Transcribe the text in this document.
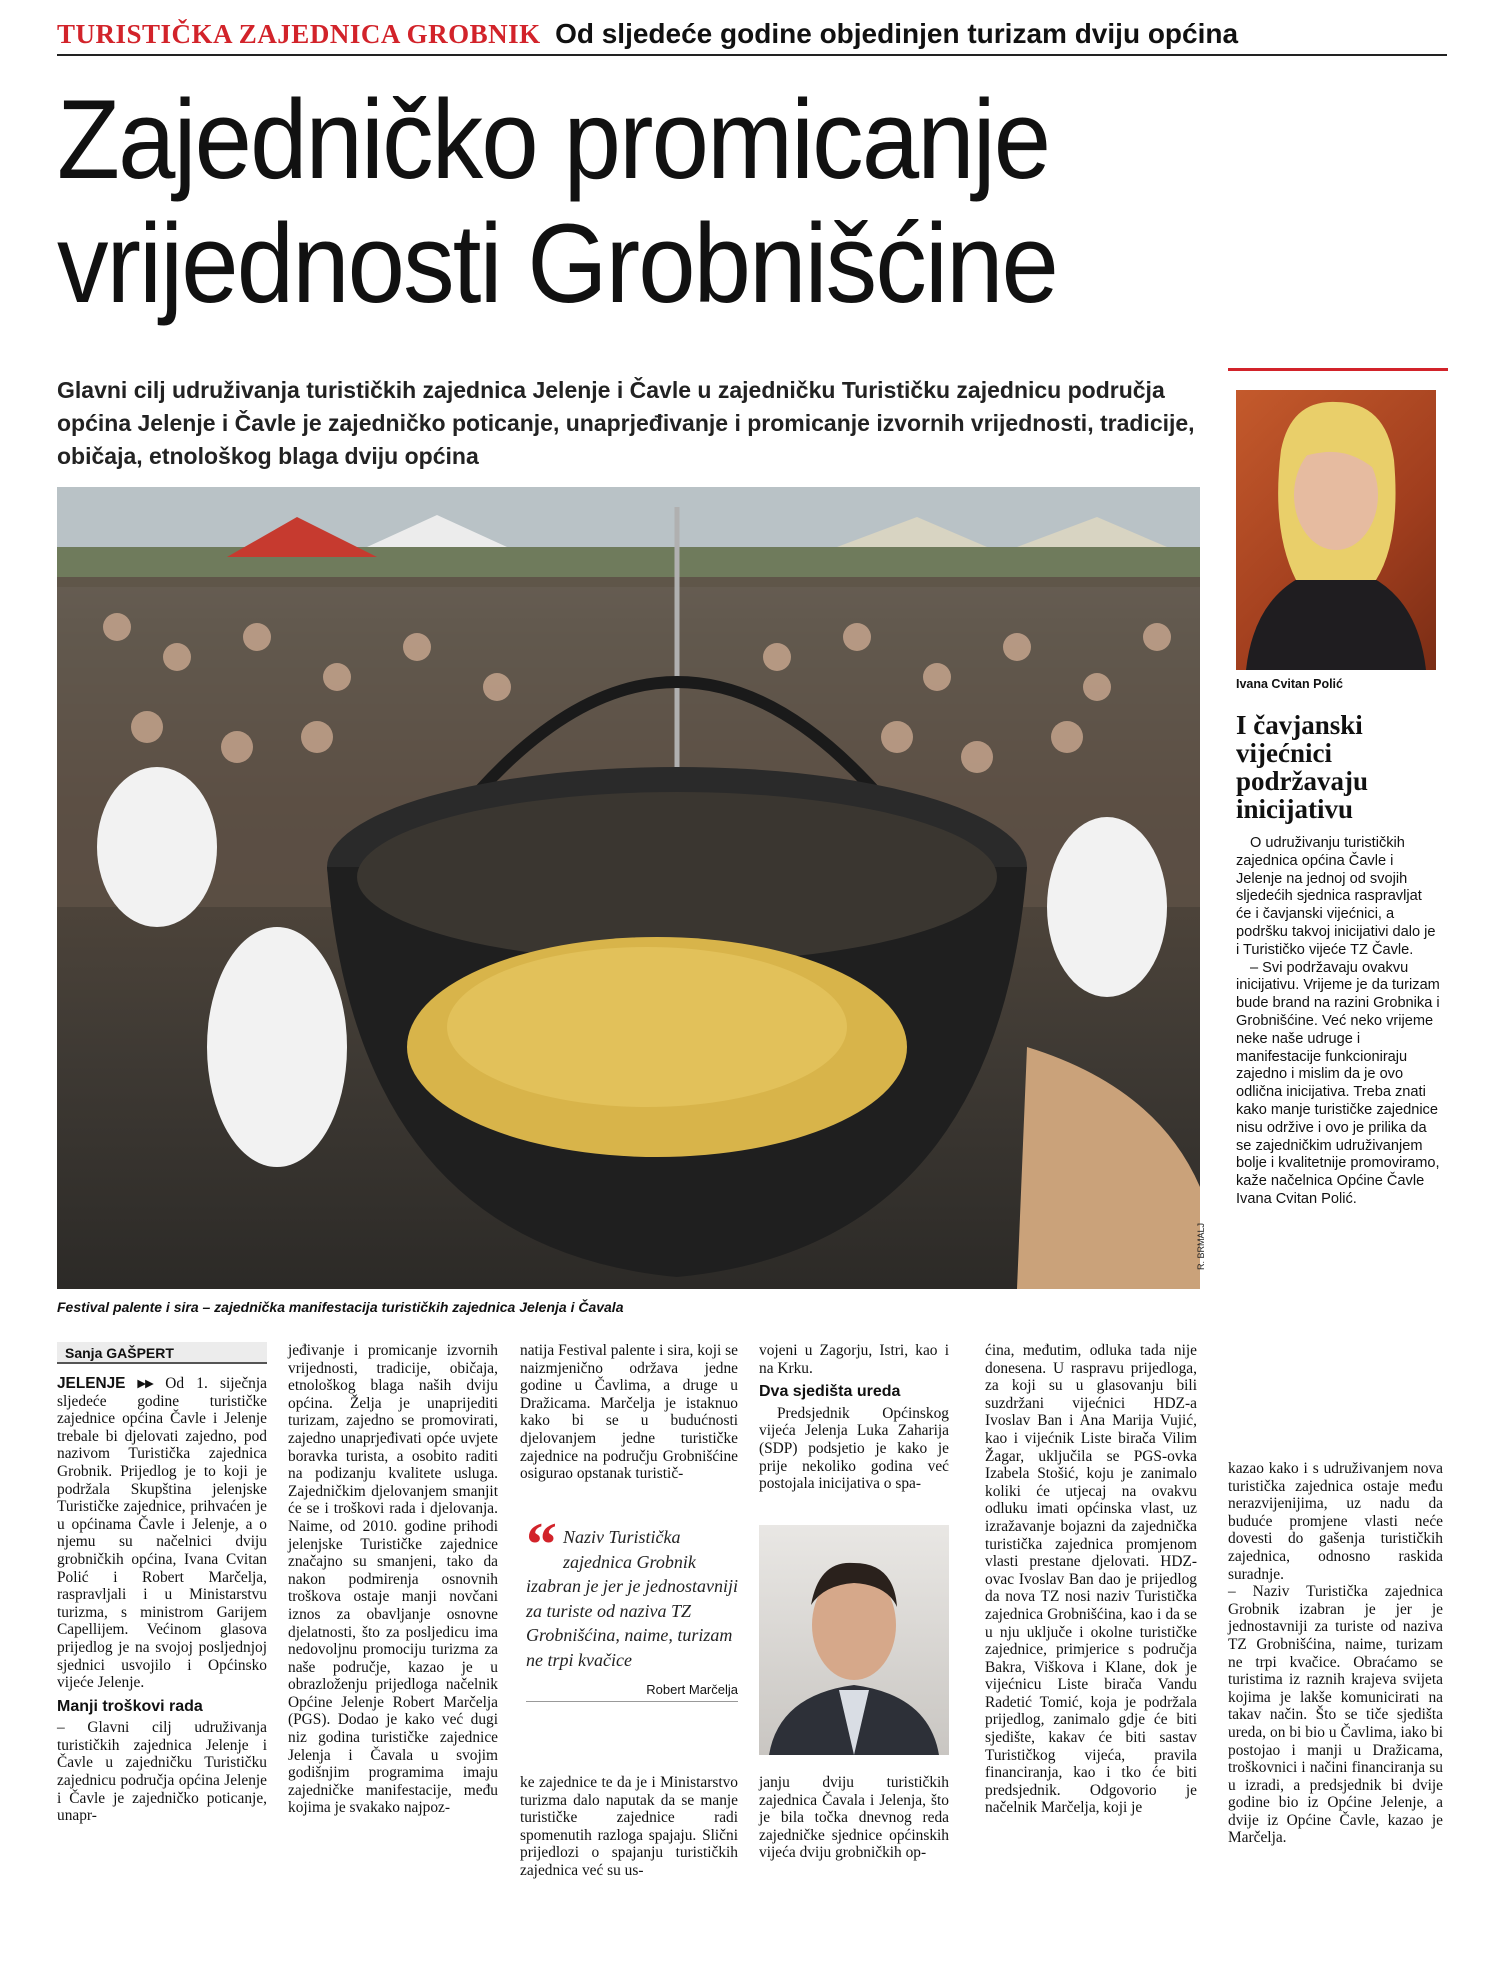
TURISTIČKA ZAJEDNICA GROBNIK Od sljedeće godine objedinjen turizam dviju općina
Zajedničko promicanje
vrijednosti Grobnišćine
Glavni cilj udruživanja turističkih zajednica Jelenje i Čavle u zajedničku Turističku zajednicu područja općina Jelenje i Čavle je zajedničko poticanje, unaprjeđivanje i promicanje izvornih vrijednosti, tradicije, običaja, etnološkog blaga dviju općina
R. BRMALJ
Festival palente i sira – zajednička manifestacija turističkih zajednica Jelenja i Čavala
Sanja GAŠPERT

JELENJE ▸▸ Od 1. siječnja sljedeće godine turističke zajednice općina Čavle i Jelenje trebale bi djelovati zajedno, pod nazivom Turistička zajednica Grobnik. Prijedlog je to koji je podržala Skupština jelenjske Turističke zajednice, prihvaćen je u općinama Čavle i Jelenje, a o njemu su načelnici dviju grobničkih općina, Ivana Cvitan Polić i Robert Marčelja, raspravljali i u Ministarstvu turizma, s ministrom Garijem Capellijem. Većinom glasova prijedlog je na svojoj posljednjoj sjednici usvojilo i Općinsko vijeće Jelenje.

Manji troškovi rada

– Glavni cilj udruživanja turističkih zajednica Jelenje i Čavle u zajedničku Turističku zajednicu područja općina Jelenje i Čavle je zajedničko poticanje, unapr-

jeđivanje i promicanje izvornih vrijednosti, tradicije, običaja, etnološkog blaga naših dviju općina. Želja je unaprijediti turizam, zajedno se promovirati, zajedno unaprjeđivati opće uvjete boravka turista, a osobito raditi na podizanju kvalitete usluga. Zajedničkim djelovanjem smanjit će se i troškovi rada i djelovanja. Naime, od 2010. godine prihodi jelenjske Turističke zajednice značajno su smanjeni, tako da nakon podmirenja osnovnih troškova ostaje manji novčani iznos za obavljanje osnovne djelatnosti, što za posljedicu ima nedovoljnu promociju turizma za naše područje, kazao je u obrazloženju prijedloga načelnik Općine Jelenje Robert Marčelja (PGS). Dodao je kako već dugi niz godina turističke zajednice Jelenja i Čavala u svojim godišnjim programima imaju zajedničke manifestacije, među kojima je svakako najpoz-

natija Festival palente i sira, koji se naizmjenično održava jedne godine u Čavlima, a druge u Dražicama. Marčelja je istaknuo kako bi se u budućnosti djelovanjem jedne turističke zajednice na području Grobnišćine osigurao opstanak turistič-

“ Naziv Turistička zajednica Grobnik izabran je jer je jednostavniji za turiste od naziva TZ Grobnišćina, naime, turizam ne trpi kvačice
Robert Marčelja

ke zajednice te da je i Ministarstvo turizma dalo naputak da se manje turističke zajednice radi spomenutih razloga spajaju. Slični prijedlozi o spajanju turističkih zajednica već su us-

vojeni u Zagorju, Istri, kao i na Krku.

Dva sjedišta ureda

Predsjednik Općinskog vijeća Jelenja Luka Zaharija (SDP) podsjetio je kako je prije nekoliko godina već postojala inicijativa o spa-

janju dviju turističkih zajednica Čavala i Jelenja, što je bila točka dnevnog reda zajedničke sjednice općinskih vijeća dviju grobničkih op-

ćina, međutim, odluka tada nije donesena. U raspravu prijedloga, za koji su u glasovanju bili suzdržani vijećnici HDZ-a Ivoslav Ban i Ana Marija Vujić, kao i vijećnik Liste birača Vilim Žagar, uključila se PGS-ovka Izabela Stošić, koju je zanimalo koliki će utjecaj na ovakvu odluku imati općinska vlast, uz izražavanje bojazni da zajednička turistička zajednica promjenom vlasti prestane djelovati. HDZ-ovac Ivoslav Ban dao je prijedlog da nova TZ nosi naziv Turistička zajednica Grobnišćina, kao i da se u nju uključe i okolne turističke zajednice, primjerice s područja Bakra, Viškova i Klane, dok je vijećnicu Liste birača Vandu Radetić Tomić, koja je podržala prijedlog, zanimalo gdje će biti sjedište, kakav će biti sastav Turističkog vijeća, pravila financiranja, kao i tko će biti predsjednik. Odgovorio je načelnik Marčelja, koji je

kazao kako i s udruživanjem nova turistička zajednica ostaje među nerazvijenijima, uz nadu da buduće promjene vlasti neće dovesti do gašenja turističkih zajednica, odnosno raskida suradnje.

– Naziv Turistička zajednica Grobnik izabran je jer je jednostavniji za turiste od naziva TZ Grobnišćina, naime, turizam ne trpi kvačice. Obraćamo se turistima iz raznih krajeva svijeta kojima je lakše komunicirati na takav način. Što se tiče sjedišta ureda, on bi bio u Čavlima, iako bi postojao i manji u Dražicama, troškovnici i načini financiranja su u izradi, a predsjednik bi dvije godine bio iz Općine Jelenje, a dvije iz Općine Čavle, kazao je Marčelja.

Ivana Cvitan Polić
I čavjanski vijećnici podržavaju inicijativu

O udruživanju turističkih zajednica općina Čavle i Jelenje na jednoj od svojih sljedećih sjednica raspravljat će i čavjanski vijećnici, a podršku takvoj inicijativi dalo je i Turističko vijeće TZ Čavle.

– Svi podržavaju ovakvu inicijativu. Vrijeme je da turizam bude brand na razini Grobnika i Grobnišćine. Već neko vrijeme neke naše udruge i manifestacije funkcioniraju zajedno i mislim da je ovo odlična inicijativa. Treba znati kako manje turističke zajednice nisu održive i ovo je prilika da se zajedničkim udruživanjem bolje i kvalitetnije promoviramo, kaže načelnica Općine Čavle Ivana Cvitan Polić.
